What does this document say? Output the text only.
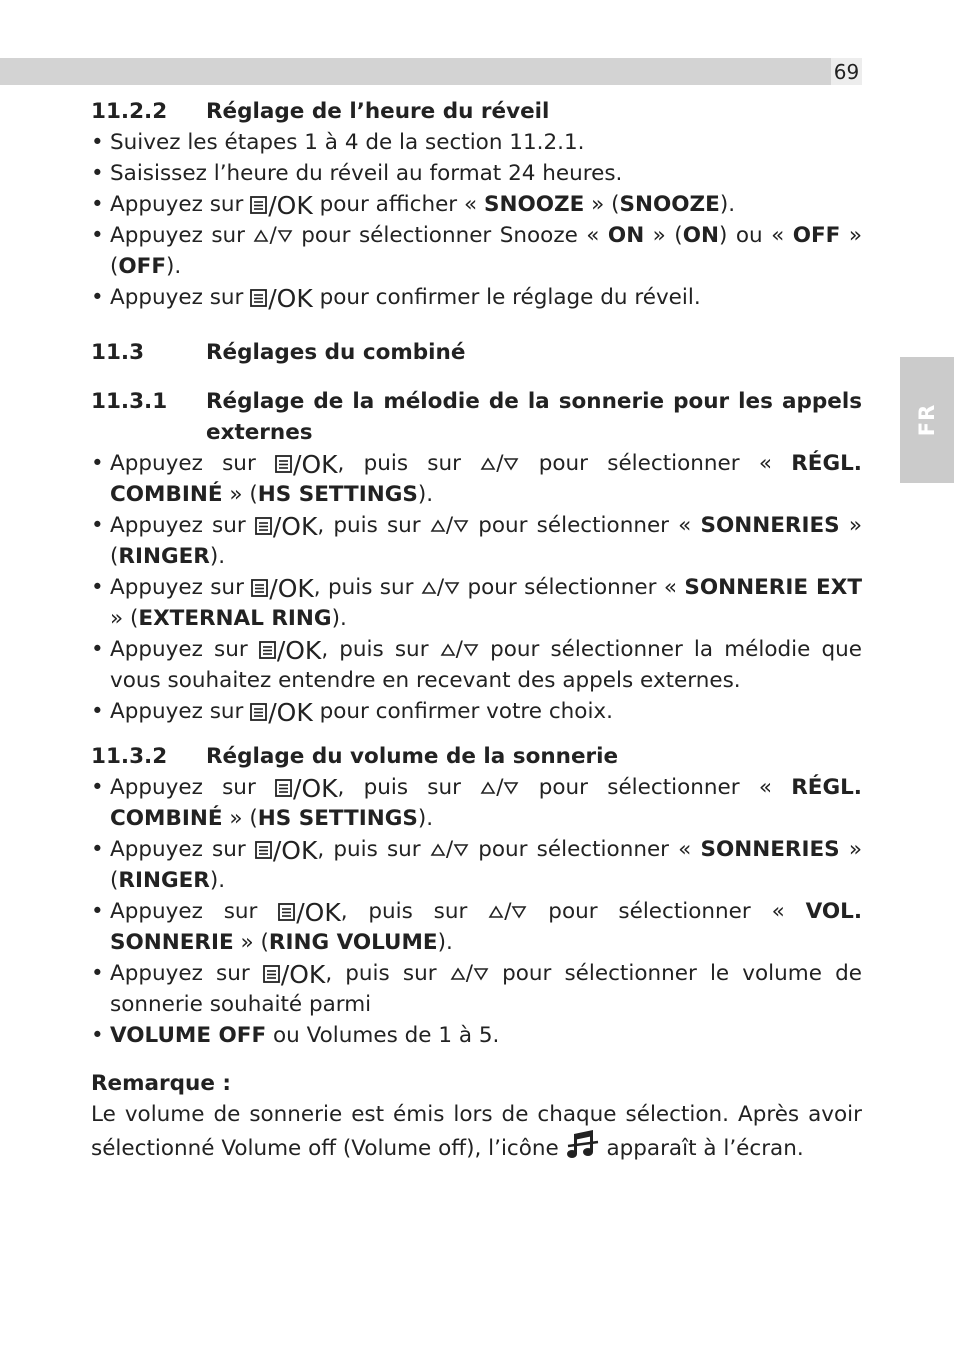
69
FR
11.2.2	Réglage de l’heure du réveil
• Suivez les étapes 1 à 4 de la section 11.2.1.
• Saisissez l’heure du réveil au format 24 heures.
• Appuyez sur /OK pour afficher « SNOOZE » (SNOOZE).
• Appuyez sur / pour sélectionner Snooze « ON » (ON) ou « OFF » (OFF).
• Appuyez sur /OK pour confirmer le réglage du réveil.
11.3	Réglages du combiné
11.3.1	Réglage de la mélodie de la sonnerie pour les appels externes
• Appuyez sur /OK , puis sur / pour sélectionner « RÉGL. COMBINÉ » (HS SETTINGS).
• Appuyez sur /OK , puis sur / pour sélectionner « SONNERIES » (RINGER).
• Appuyez sur /OK , puis sur / pour sélectionner « SONNERIE EXT » (EXTERNAL RING).
• Appuyez sur /OK , puis sur / pour sélectionner la mélodie que vous souhaitez entendre en recevant des appels externes.
• Appuyez sur /OK pour confirmer votre choix.
11.3.2	Réglage du volume de la sonnerie
• Appuyez sur /OK , puis sur / pour sélectionner « RÉGL. COMBINÉ » (HS SETTINGS).
• Appuyez sur /OK , puis sur / pour sélectionner « SONNERIES » (RINGER).
• Appuyez sur /OK , puis sur / pour sélectionner « VOL. SONNERIE » (RING VOLUME).
• Appuyez sur /OK , puis sur / pour sélectionner le volume de sonnerie souhaité parmi
• VOLUME OFF ou Volumes de 1 à 5.
Remarque :
Le volume de sonnerie est émis lors de chaque sélection. Après avoir sélectionné Volume off (Volume off), l’icône apparaît à l’écran.
